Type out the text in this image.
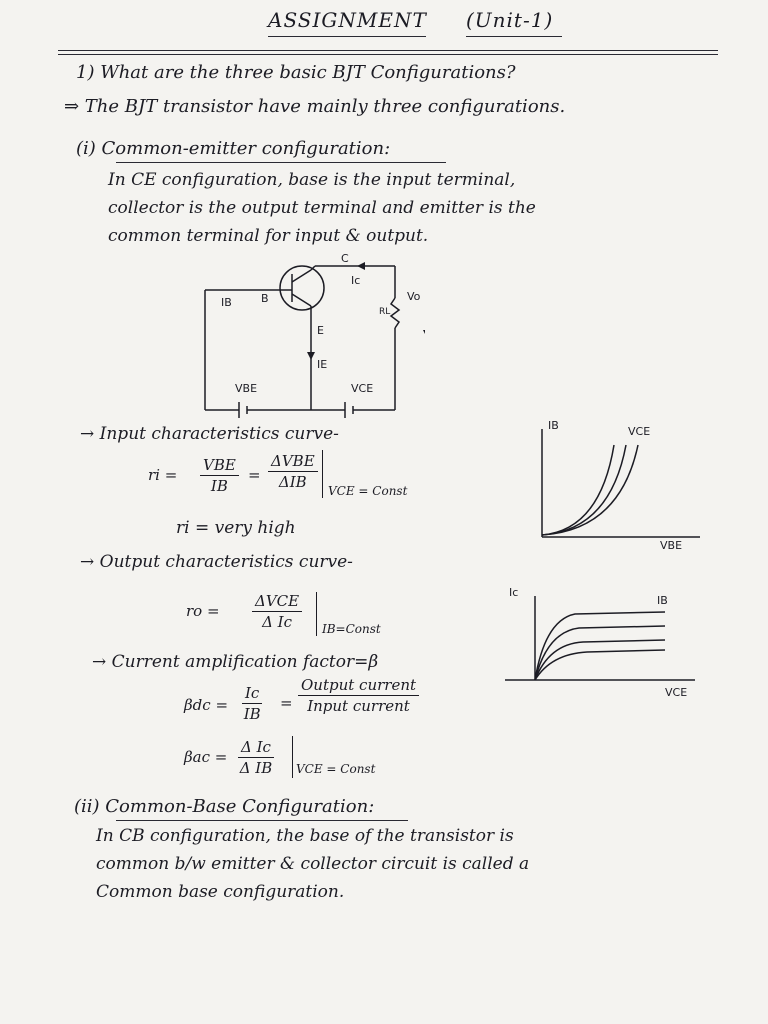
ASSIGNMENT (Unit-1)
1) What are the three basic BJT Configurations?
⇒ The BJT transistor have mainly three configurations.
(i) Common-emitter configuration:
In CE configuration, base is the input terminal,
collector is the output terminal and emitter is the
common terminal for input & output.
C
Ic
IB	B
E
IE
RL
Vo
VBE	VCE
→ Input characteristics curve-
ri =
VBE
IB
=
ΔVBE
ΔIB VCE = Const
ri = very high
IB	VCE
VBE
→ Output characteristics curve-
ro =
ΔVCE
Δ Ic IB=Const
Ic
IB
VCE
→ Current amplification factor=β
$\beta dc = \frac{Ic}{IB}$ =
Output current
Input current
$\beta ac = \frac{\text{Δ Ic}}{\text{Δ IB}}$ VCE = Const
(ii) Common-Base Configuration:
In CB configuration, the base of the transistor is
common b/w emitter & collector circuit is called a
Common base configuration.
